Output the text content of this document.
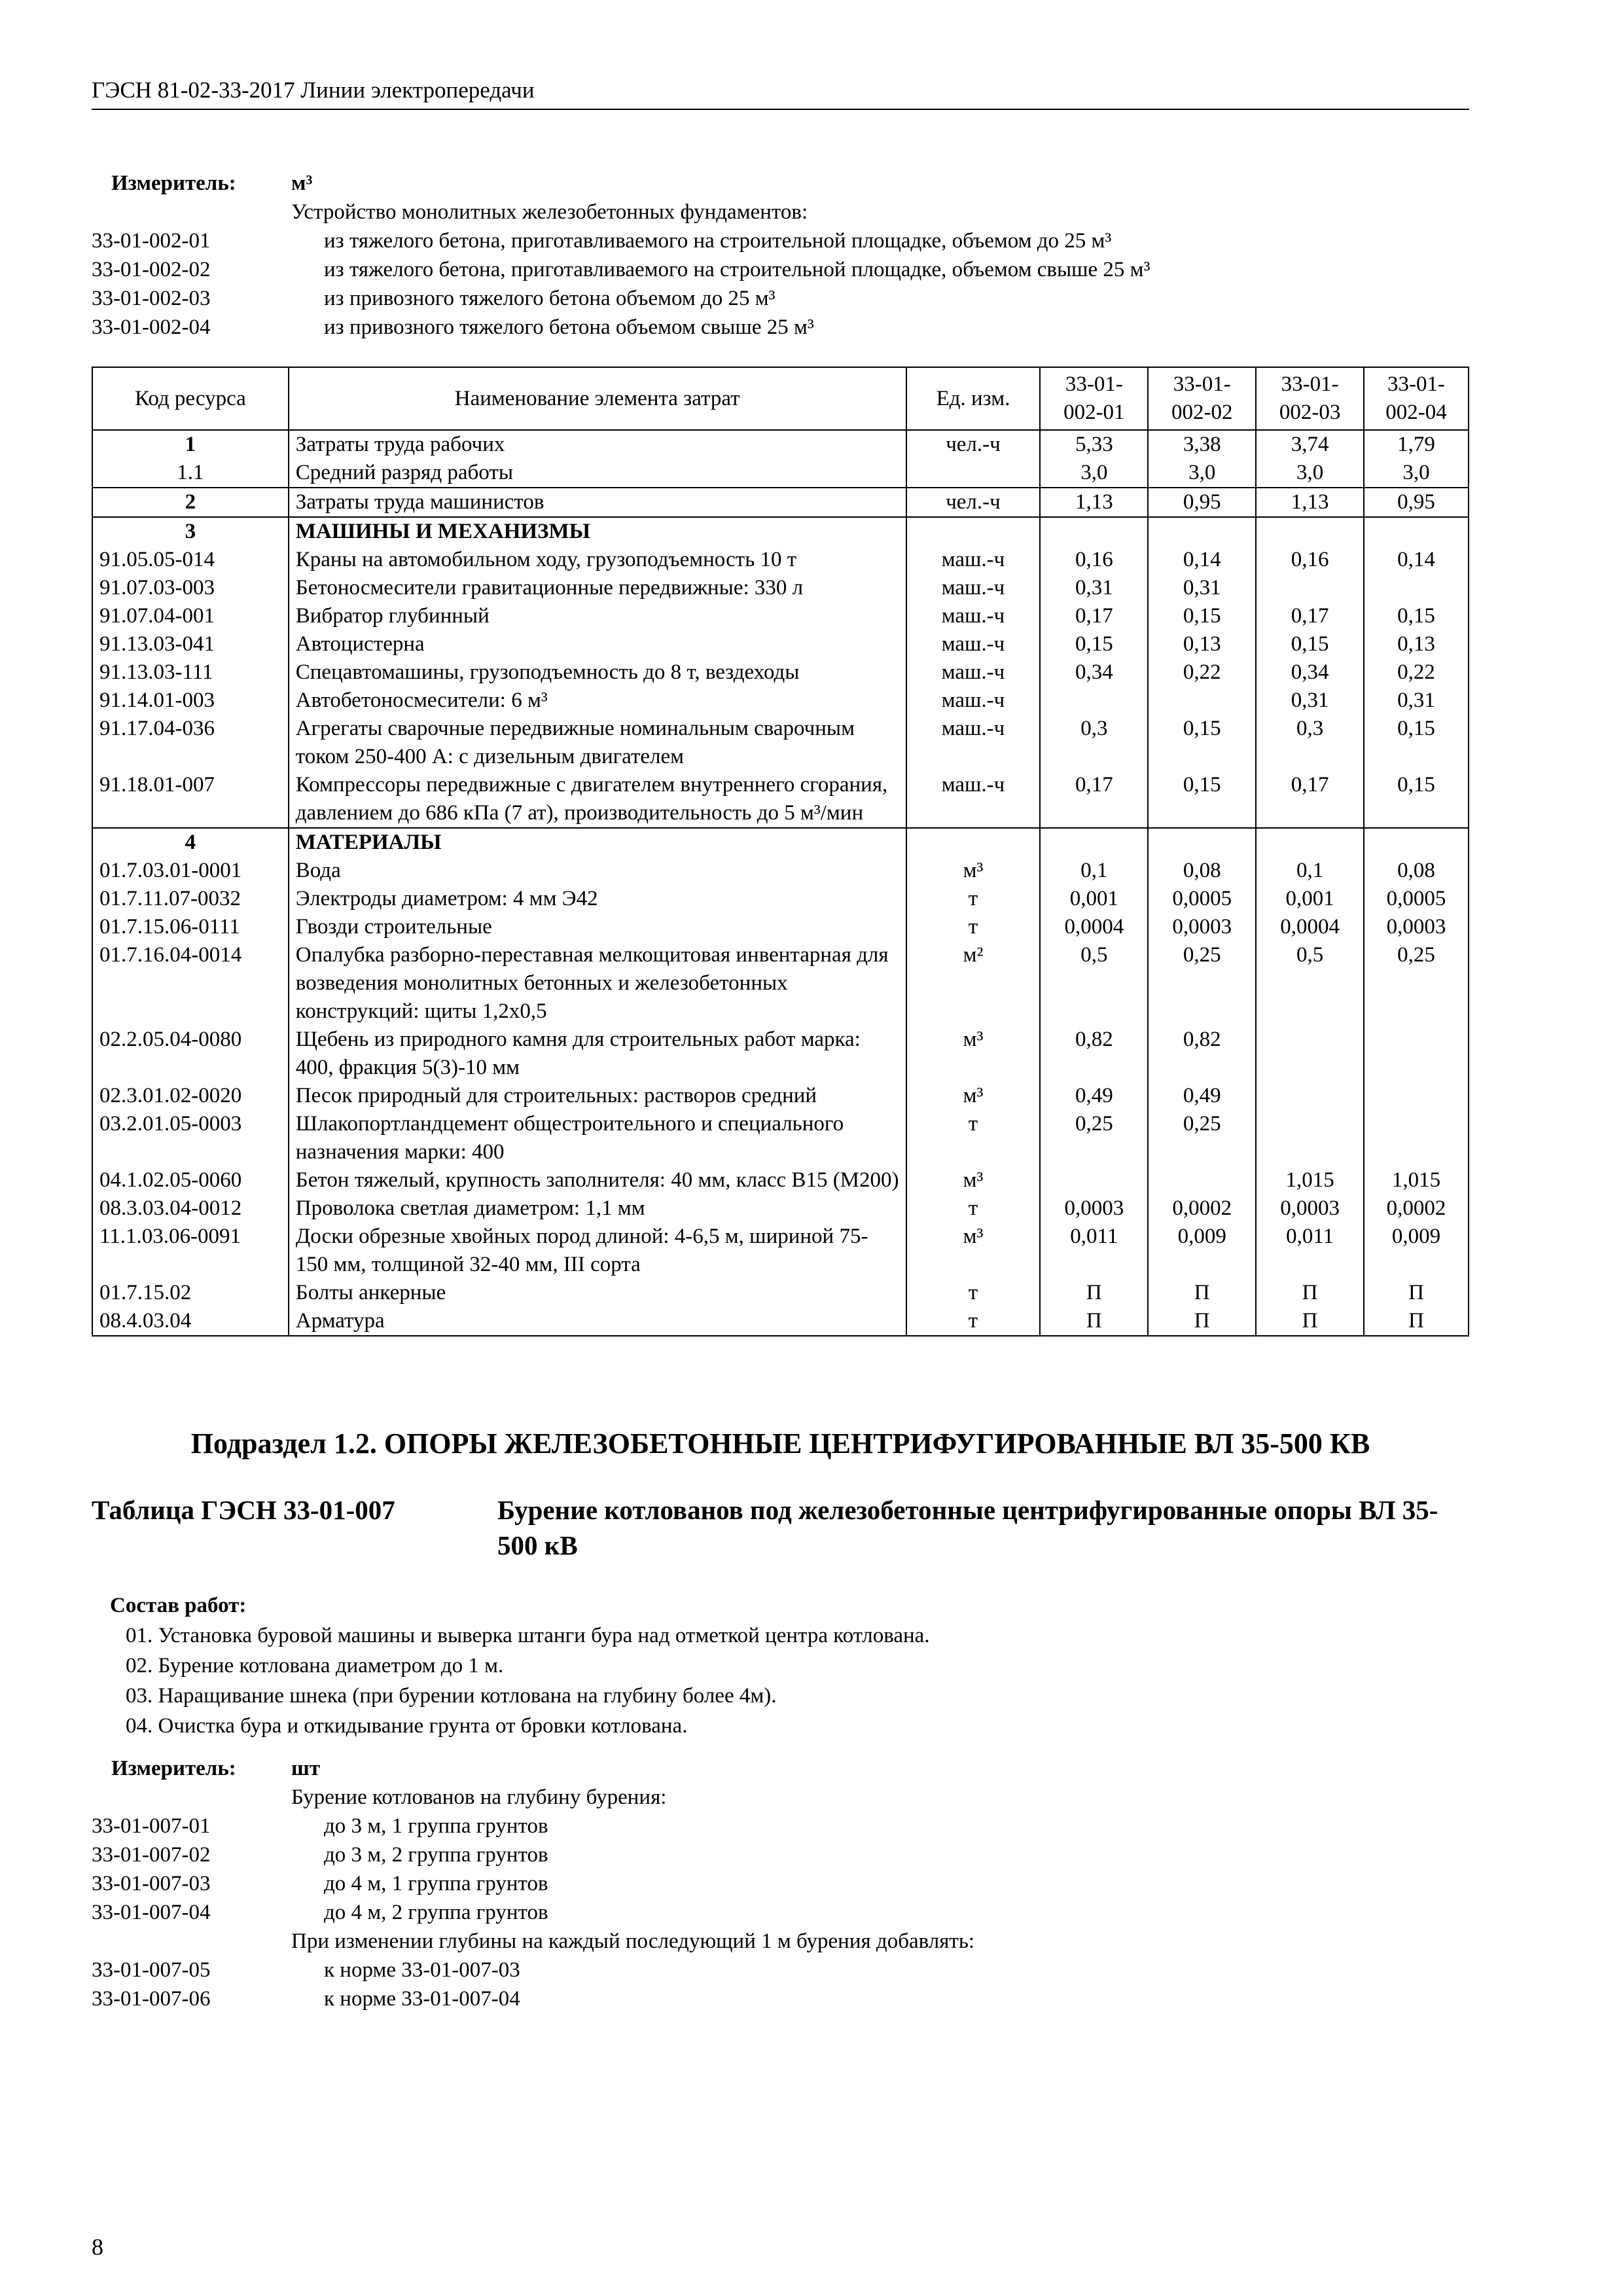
ГЭСН 81-02-33-2017 Линии электропередачи
Измеритель:	м³
Устройство монолитных железобетонных фундаментов:
33-01-002-01	из тяжелого бетона, приготавливаемого на строительной площадке, объемом до 25 м³
33-01-002-02	из тяжелого бетона, приготавливаемого на строительной площадке, объемом свыше 25 м³
33-01-002-03	из привозного тяжелого бетона объемом до 25 м³
33-01-002-04	из привозного тяжелого бетона объемом свыше 25 м³
Код ресурса	Наименование элемента затрат	Ед. изм.	33-01-002-01	33-01-002-02	33-01-002-03	33-01-002-04
1	Затраты труда рабочих	чел.-ч	5,33	3,38	3,74	1,79
1.1	Средний разряд работы		3,0	3,0	3,0	3,0
2	Затраты труда машинистов	чел.-ч	1,13	0,95	1,13	0,95
3	МАШИНЫ И МЕХАНИЗМЫ					
91.05.05-014	Краны на автомобильном ходу, грузоподъемность 10 т	маш.-ч	0,16	0,14	0,16	0,14
91.07.03-003	Бетоносмесители гравитационные передвижные: 330 л	маш.-ч	0,31	0,31		
91.07.04-001	Вибратор глубинный	маш.-ч	0,17	0,15	0,17	0,15
91.13.03-041	Автоцистерна	маш.-ч	0,15	0,13	0,15	0,13
91.13.03-111	Спецавтомашины, грузоподъемность до 8 т, вездеходы	маш.-ч	0,34	0,22	0,34	0,22
91.14.01-003	Автобетоносмесители: 6 м³	маш.-ч			0,31	0,31
91.17.04-036	Агрегаты сварочные передвижные номинальным сварочным током 250-400 А: с дизельным двигателем	маш.-ч	0,3	0,15	0,3	0,15
91.18.01-007	Компрессоры передвижные с двигателем внутреннего сгорания, давлением до 686 кПа (7 ат), производительность до 5 м³/мин	маш.-ч	0,17	0,15	0,17	0,15
4	МАТЕРИАЛЫ					
01.7.03.01-0001	Вода	м³	0,1	0,08	0,1	0,08
01.7.11.07-0032	Электроды диаметром: 4 мм Э42	т	0,001	0,0005	0,001	0,0005
01.7.15.06-0111	Гвозди строительные	т	0,0004	0,0003	0,0004	0,0003
01.7.16.04-0014	Опалубка разборно-переставная мелкощитовая инвентарная для возведения монолитных бетонных и железобетонных конструкций: щиты 1,2х0,5	м²	0,5	0,25	0,5	0,25
02.2.05.04-0080	Щебень из природного камня для строительных работ марка: 400, фракция 5(3)-10 мм	м³	0,82	0,82		
02.3.01.02-0020	Песок природный для строительных: растворов средний	м³	0,49	0,49		
03.2.01.05-0003	Шлакопортландцемент общестроительного и специального назначения марки: 400	т	0,25	0,25		
04.1.02.05-0060	Бетон тяжелый, крупность заполнителя: 40 мм, класс В15 (М200)	м³			1,015	1,015
08.3.03.04-0012	Проволока светлая диаметром: 1,1 мм	т	0,0003	0,0002	0,0003	0,0002
11.1.03.06-0091	Доски обрезные хвойных пород длиной: 4-6,5 м, шириной 75-150 мм, толщиной 32-40 мм, III сорта	м³	0,011	0,009	0,011	0,009
01.7.15.02	Болты анкерные	т	П	П	П	П
08.4.03.04	Арматура	т	П	П	П	П
Подраздел 1.2. ОПОРЫ ЖЕЛЕЗОБЕТОННЫЕ ЦЕНТРИФУГИРОВАННЫЕ ВЛ 35-500 КВ
Таблица ГЭСН 33-01-007	Бурение котлованов под железобетонные центрифугированные опоры ВЛ 35-500 кВ
Состав работ:
01. Установка буровой машины и выверка штанги бура над отметкой центра котлована.
02. Бурение котлована диаметром до 1 м.
03. Наращивание шнека (при бурении котлована на глубину более 4м).
04. Очистка бура и откидывание грунта от бровки котлована.
Измеритель:	шт
Бурение котлованов на глубину бурения:
33-01-007-01	до 3 м, 1 группа грунтов
33-01-007-02	до 3 м, 2 группа грунтов
33-01-007-03	до 4 м, 1 группа грунтов
33-01-007-04	до 4 м, 2 группа грунтов
При изменении глубины на каждый последующий 1 м бурения добавлять:
33-01-007-05	к норме 33-01-007-03
33-01-007-06	к норме 33-01-007-04
8
